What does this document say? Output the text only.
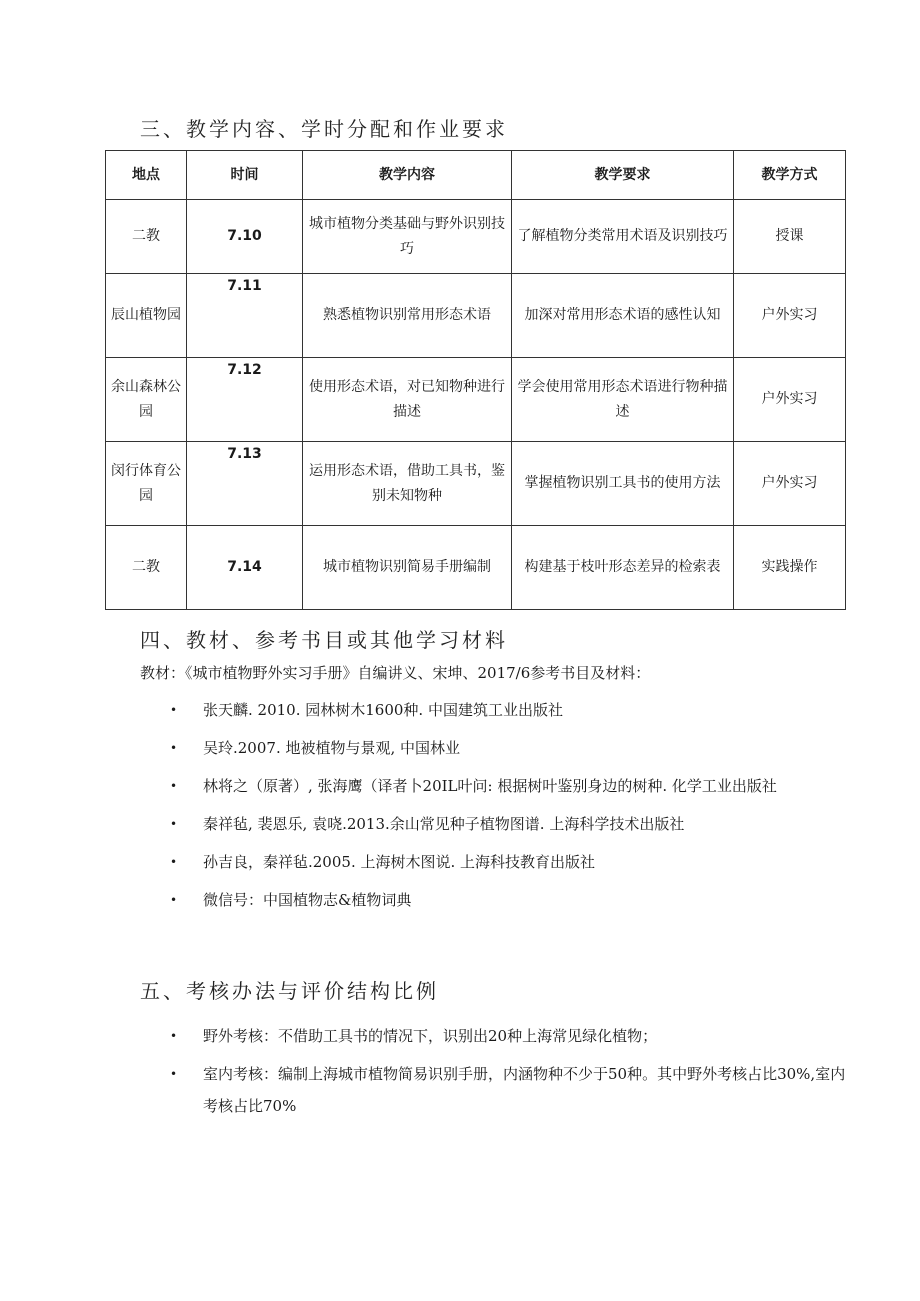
三、教学内容、学时分配和作业要求
地点	时间	教学内容	教学要求	教学方式
二教	7.10	城市植物分类基础与野外识别技巧	了解植物分类常用术语及识别技巧	授课
辰山植物园	7.11	熟悉植物识别常用形态术语	加深对常用形态术语的感性认知	户外实习
余山森林公园	7.12	使用形态术语，对已知物种进行描述	学会使用常用形态术语进行物种描述	户外实习
闵行体育公园	7.13	运用形态术语，借助工具书，鉴别未知物种	掌握植物识别工具书的使用方法	户外实习
二教	7.14	城市植物识别简易手册编制	构建基于枝叶形态差异的检索表	实践操作
四、教材、参考书目或其他学习材料
教材：《城市植物野外实习手册》自编讲义、宋坤、2017/6参考书目及材料：
• 张天麟. 2010. 园林树木1600种. 中国建筑工业出版社
• 吴玲.2007. 地被植物与景观, 中国林业
• 林将之（原著）, 张海鹰（译者卜20IL叶问: 根据树叶鉴别身边的树种. 化学工业出版社
• 秦祥毡, 裴恩乐, 袁哓.2013.余山常见种子植物图谱. 上海科学技术出版社
• 孙吉良，秦祥毡.2005. 上海树木图说. 上海科技教育出版社
• 微信号：中国植物志&植物词典
五、考核办法与评价结构比例
• 野外考核：不借助工具书的情况下，识别出20种上海常见绿化植物；
• 室内考核：编制上海城市植物简易识别手册，内涵物种不少于50种。其中野外考核占比30%,室内考核占比70%
